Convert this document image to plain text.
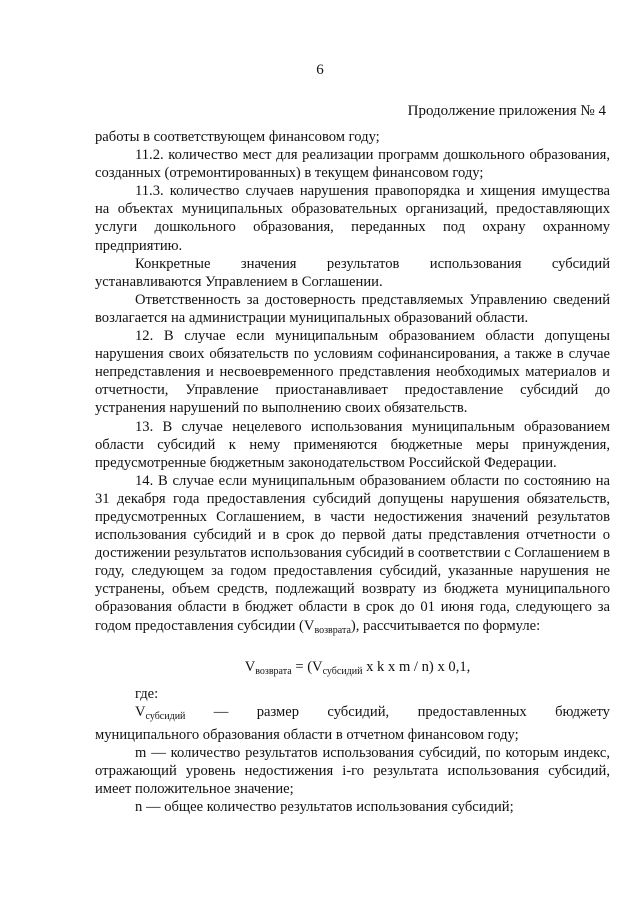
6
Продолжение приложения № 4

работы в соответствующем финансовом году;

11.2. количество мест для реализации программ дошкольного образования, созданных (отремонтированных) в текущем финансовом году;

11.3. количество случаев нарушения правопорядка и хищения имущества на объектах муниципальных образовательных организаций, предоставляющих услуги дошкольного образования, переданных под охрану охранному предприятию.

Конкретные значения результатов использования субсидий устанавливаются Управлением в Соглашении.

Ответственность за достоверность представляемых Управлению сведений возлагается на администрации муниципальных образований области.

12. В случае если муниципальным образованием области допущены нарушения своих обязательств по условиям софинансирования, а также в случае непредставления и несвоевременного представления необходимых материалов и отчетности, Управление приостанавливает предоставление субсидий до устранения нарушений по выполнению своих обязательств.

13. В случае нецелевого использования муниципальным образованием области субсидий к нему применяются бюджетные меры принуждения, предусмотренные бюджетным законодательством Российской Федерации.

14. В случае если муниципальным образованием области по состоянию на 31 декабря года предоставления субсидий допущены нарушения обязательств, предусмотренных Соглашением, в части недостижения значений результатов использования субсидий и в срок до первой даты представления отчетности о достижении результатов использования субсидий в соответствии с Соглашением в году, следующем за годом предоставления субсидий, указанные нарушения не устранены, объем средств, подлежащий возврату из бюджета муниципального образования области в бюджет области в срок до 01 июня года, следующего за годом предоставления субсидии $(V_{возврата})$, рассчитывается по формуле:

$V_{возврата} = (V_{субсидий}$ x k x m / n) x 0,1,

где:

$V_{субсидий}$ — размер субсидий, предоставленных бюджету

муниципального образования области в отчетном финансовом году;

m — количество результатов использования субсидий, по которым индекс, отражающий уровень недостижения i-го результата использования субсидий, имеет положительное значение;

n — общее количество результатов использования субсидий;
